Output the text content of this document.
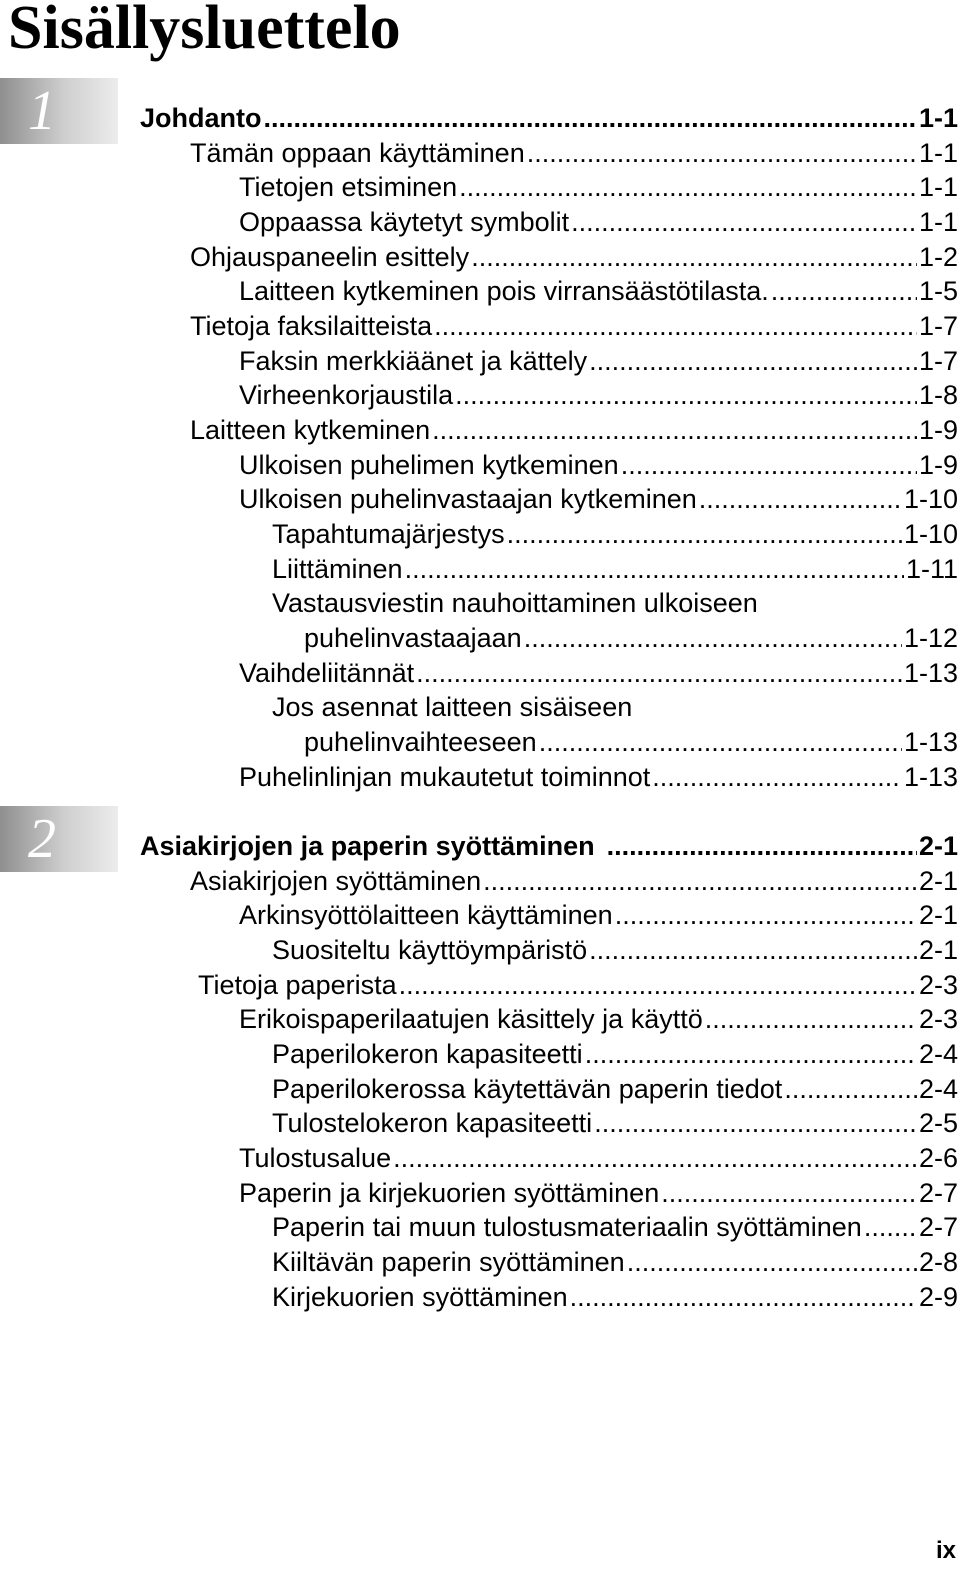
Sisällysluettelo

1

2

Johdanto .....	1-1
Tämän oppaan käyttäminen .....	1-1
Tietojen etsiminen .....	1-1
Oppaassa käytetyt symbolit .....	1-1
Ohjauspaneelin esittely .....	1-2
Laitteen kytkeminen pois virransäästötilasta. .....	1-5
Tietoja faksilaitteista .....	1-7
Faksin merkkiäänet ja kättely .....	1-7
Virheenkorjaustila .....	1-8
Laitteen kytkeminen .....	1-9
Ulkoisen puhelimen kytkeminen .....	1-9
Ulkoisen puhelinvastaajan kytkeminen .....	1-10
Tapahtumajärjestys .....	1-10
Liittäminen .....	1-11
Vastausviestin nauhoittaminen ulkoiseen
puhelinvastaajaan .....	1-12
Vaihdeliitännät .....	1-13
Jos asennat laitteen sisäiseen
puhelinvaihteeseen .....	1-13
Puhelinlinjan mukautetut toiminnot .....	1-13
Asiakirjojen ja paperin syöttäminen .....	2-1
Asiakirjojen syöttäminen .....	2-1
Arkinsyöttölaitteen käyttäminen .....	2-1
Suositeltu käyttöympäristö .....	2-1
Tietoja paperista .....	2-3
Erikoispaperilaatujen käsittely ja käyttö .....	2-3
Paperilokeron kapasiteetti .....	2-4
Paperilokerossa käytettävän paperin tiedot .....	2-4
Tulostelokeron kapasiteetti .....	2-5
Tulostusalue .....	2-6
Paperin ja kirjekuorien syöttäminen .....	2-7
Paperin tai muun tulostusmateriaalin syöttäminen ..... 2-7
Kiiltävän paperin syöttäminen .....	2-8
Kirjekuorien syöttäminen .....	2-9

ix
